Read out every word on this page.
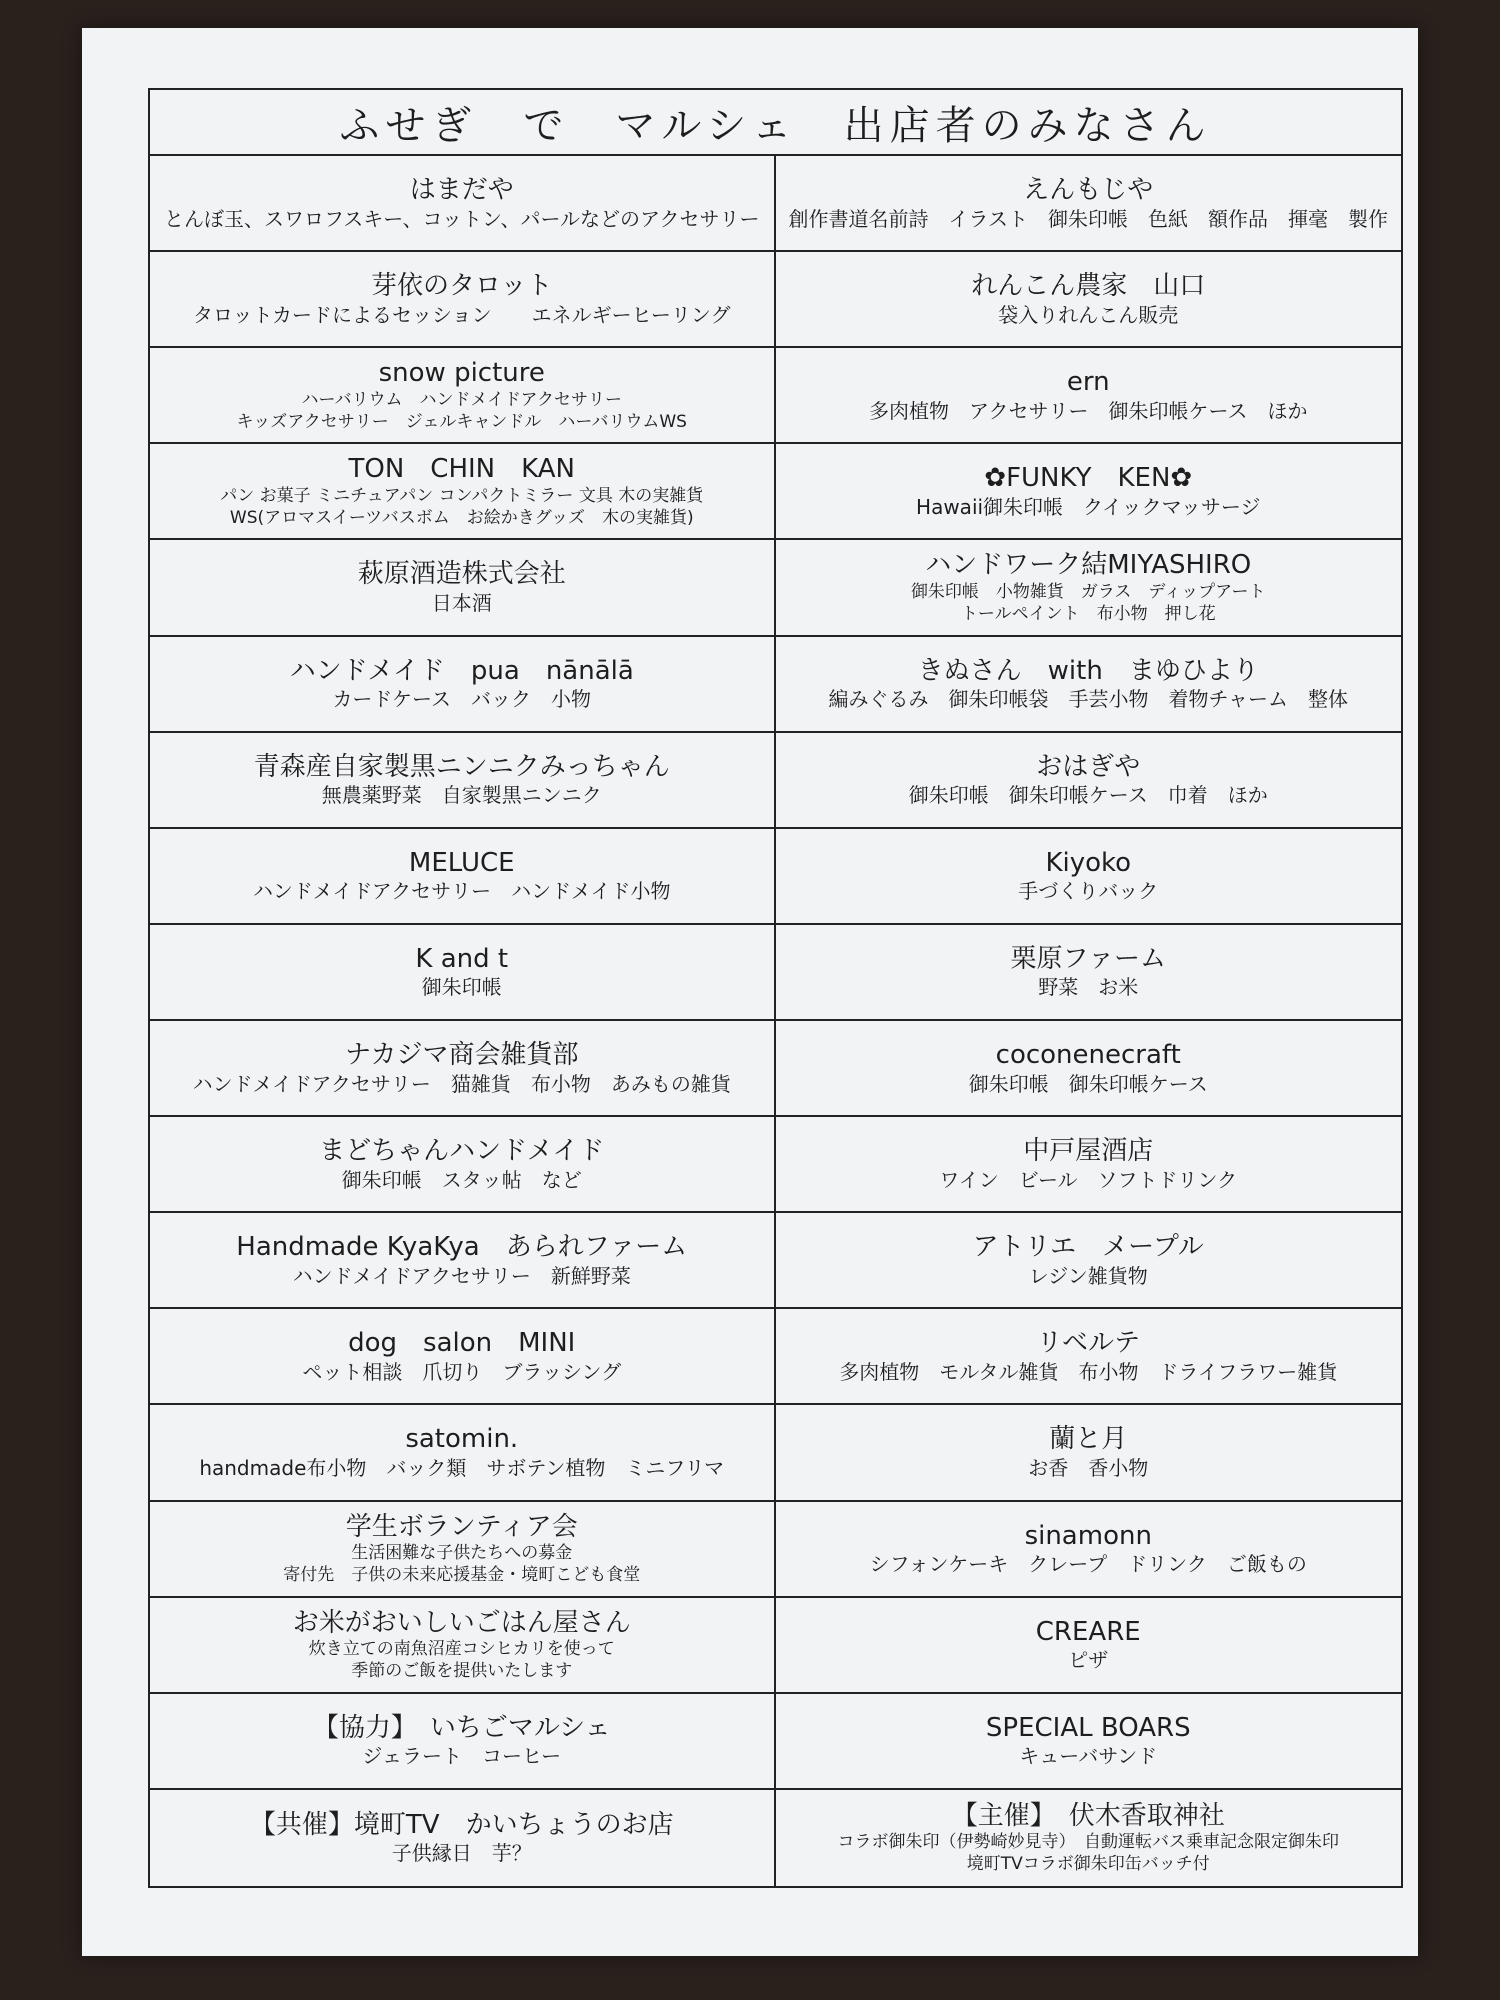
ふせぎ　で　マルシェ　出店者のみなさん
はまだや
とんぼ玉、スワロフスキー、コットン、パールなどのアクセサリー
えんもじや
創作書道名前詩　イラスト　御朱印帳　色紙　額作品　揮毫　製作
芽依のタロット
タロットカードによるセッション　　エネルギーヒーリング
れんこん農家　山口
袋入りれんこん販売
snow picture
ハーバリウム　ハンドメイドアクセサリー
キッズアクセサリー　ジェルキャンドル　ハーバリウムWS
ern
多肉植物　アクセサリー　御朱印帳ケース　ほか
TON　CHIN　KAN
パン お菓子 ミニチュアパン コンパクトミラー 文具 木の実雑貨
WS(アロマスイーツバスボム　お絵かきグッズ　木の実雑貨)
✿FUNKY　KEN✿
Hawaii御朱印帳　クイックマッサージ
萩原酒造株式会社
日本酒
ハンドワーク結MIYASHIRO
御朱印帳　小物雑貨　ガラス　ディップアート
トールペイント　布小物　押し花
ハンドメイド　pua　nānālā
カードケース　バック　小物
きぬさん　with　まゆひより
編みぐるみ　御朱印帳袋　手芸小物　着物チャーム　整体
青森産自家製黒ニンニクみっちゃん
無農薬野菜　自家製黒ニンニク
おはぎや
御朱印帳　御朱印帳ケース　巾着　ほか
MELUCE
ハンドメイドアクセサリー　ハンドメイド小物
Kiyoko
手づくりバック
K and t
御朱印帳
栗原ファーム
野菜　お米
ナカジマ商会雑貨部
ハンドメイドアクセサリー　猫雑貨　布小物　あみもの雑貨
coconenecraft
御朱印帳　御朱印帳ケース
まどちゃんハンドメイド
御朱印帳　スタッ帖　など
中戸屋酒店
ワイン　ビール　ソフトドリンク
Handmade KyaKya　あられファーム
ハンドメイドアクセサリー　新鮮野菜
アトリエ　メープル
レジン雑貨物
dog　salon　MINI
ペット相談　爪切り　ブラッシング
リベルテ
多肉植物　モルタル雑貨　布小物　ドライフラワー雑貨
satomin.
handmade布小物　バック類　サボテン植物　ミニフリマ
蘭と月
お香　香小物
学生ボランティア会
生活困難な子供たちへの募金
寄付先　子供の未来応援基金・境町こども食堂
sinamonn
シフォンケーキ　クレープ　ドリンク　ご飯もの
お米がおいしいごはん屋さん
炊き立ての南魚沼産コシヒカリを使って
季節のご飯を提供いたします
CREARE
ピザ
【協力】　いちごマルシェ
ジェラート　コーヒー
SPECIAL BOARS
キューバサンド
【共催】境町TV　かいちょうのお店
子供縁日　芋？
【主催】　伏木香取神社
コラボ御朱印（伊勢崎妙見寺）　自動運転バス乗車記念限定御朱印
境町TVコラボ御朱印缶バッチ付
